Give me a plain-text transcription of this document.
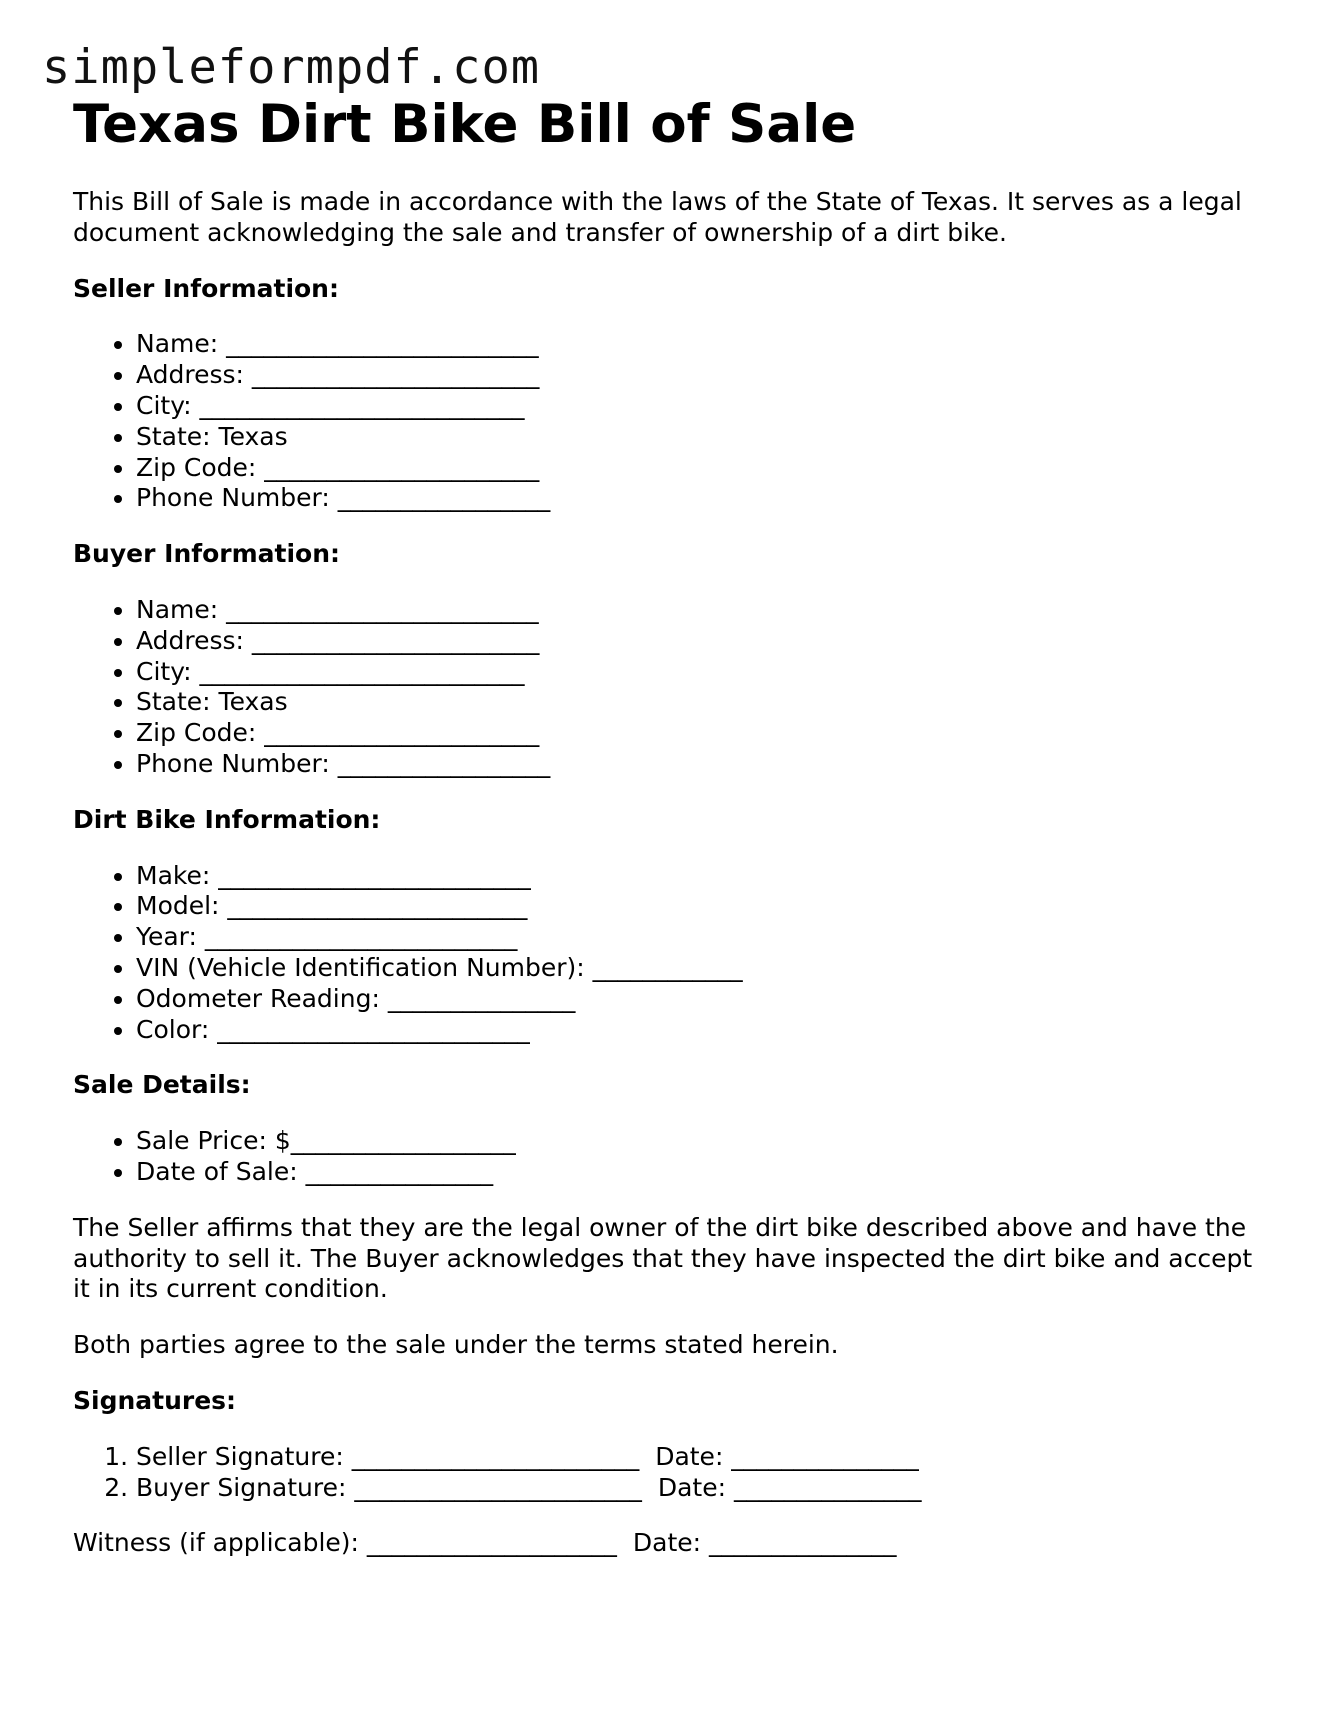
simpleformpdf.com
Texas Dirt Bike Bill of Sale

This Bill of Sale is made in accordance with the laws of the State of Texas. It serves as a legal document acknowledging the sale and transfer of ownership of a dirt bike.

Seller Information:
• Name: _________________________
• Address: _______________________
• City: __________________________
• State: Texas
• Zip Code: ______________________
• Phone Number: _________________
Buyer Information:
• Name: _________________________
• Address: _______________________
• City: __________________________
• State: Texas
• Zip Code: ______________________
• Phone Number: _________________
Dirt Bike Information:
• Make: _________________________
• Model: ________________________
• Year: _________________________
• VIN (Vehicle Identification Number): ____________
• Odometer Reading: _______________
• Color: _________________________
Sale Details:
• Sale Price: $__________________
• Date of Sale: _______________

The Seller affirms that they are the legal owner of the dirt bike described above and have the authority to sell it. The Buyer acknowledges that they have inspected the dirt bike and accept it in its current condition.

Both parties agree to the sale under the terms stated herein.

Signatures:
1. Seller Signature: _______________________ Date: _______________
2. Buyer Signature: _______________________ Date: _______________

Witness (if applicable): ____________________ Date: _______________
